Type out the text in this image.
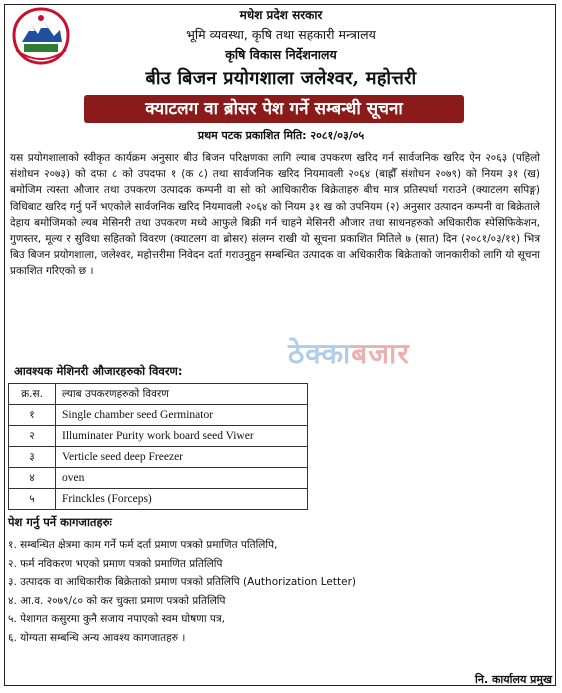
मधेश प्रदेश सरकार
भूमि व्यवस्था, कृषि तथा सहकारी मन्त्रालय
कृषि विकास निर्देशनालय
बीउ बिजन प्रयोगशाला जलेश्वर, महोत्तरी
क्याटलग वा ब्रोसर पेश गर्ने सम्बन्धी सूचना
प्रथम पटक प्रकाशित मिति: २०८१/०३/०५

यस प्रयोगशालाको स्वीकृत कार्यक्रम अनुसार बीउ बिजन परिक्षणका लागि ल्याब उपकरण खरिद गर्न सार्वजनिक खरिद ऐन २०६३ (पहिलो संशोधन २०७३) को दफा ८ को उपदफा १ (क ८) तथा सार्वजनिक खरिद नियमावली २०६४ (बाह्रौँ संशोधन २०७९) को नियम ३१ (ख) बमोजिम त्यस्ता औजार तथा उपकरण उत्पादक कम्पनी वा सो को आधिकारीक बिक्रेताहरु बीच मात्र प्रतिस्पर्धा गराउने (क्याटलग सपिङ्ग) विधिबाट खरिद गर्नु पर्ने भएकोले सार्वजनिक खरिद नियमावली २०६४ को नियम ३१ ख को उपनियम (२) अनुसार उत्पादन कम्पनी वा बिक्रेताले देहाय बमोजिमको ल्यब मेसिनरी तथा उपकरण मध्ये आफुले बिक्री गर्न चाहने मेसिनरी औजार तथा साधनहरुको अधिकारीक स्पेसिफिकेशन, गुणस्तर, मूल्य र सुविधा सहितको विवरण (क्याटलग वा ब्रोसर) संलग्न राखी यो सूचना प्रकाशित मितिले ७ (सात) दिन (२०८१/०३/११) भित्र बिउ बिजन प्रयोगशाला, जलेश्वर, महोत्तरीमा निवेदन दर्ता गराउनुहुन सम्बन्धित उत्पादक वा अधिकारीक बिक्रेताको जानकारीको लागि यो सूचना प्रकाशित गरिएको छ ।

ठेक्काबजार
आवश्यक मेशिनरी औजारहरुको विवरण:
क्र.स.	ल्याब उपकरणहरुको विवरण
१	Single chamber seed Germinator
२	Illuminater Purity work board seed Viwer
३	Verticle seed deep Freezer
४	oven
५	Frinckles (Forceps)
पेश गर्नु पर्ने कागजातहरुः
१. सम्बन्धित क्षेत्रमा काम गर्ने फर्म दर्ता प्रमाण पत्रको प्रमाणित पतिलिपि,
२. फर्म नविकरण भएको प्रमाण पत्रको प्रमाणित प्रतिलिपि
३. उत्पादक वा आधिकारीक बिक्रेताको प्रमाण पत्रको प्रतिलिपि (Authorization Letter)
४. आ.व. २०७९/८० को कर चुक्ता प्रमाण पत्रको प्रतिलिपि
५. पेशागत कसुरमा कुनै सजाय नपाएको स्वम घोषणा पत्र,
६. योग्यता सम्बन्धि अन्य आवश्य कागजातहरु ।
नि. कार्यालय प्रमुख
